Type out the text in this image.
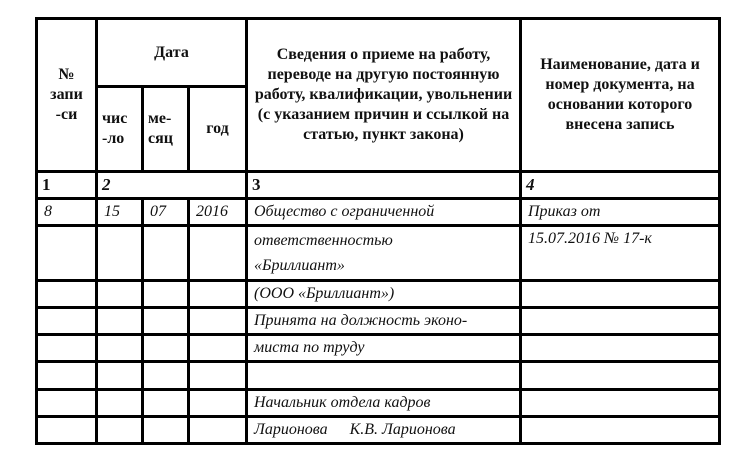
№ запи -си	Дата			Сведения о приеме на работу, переводе на другую постоянную работу, квалификации, увольнении (с указанием причин и ссылкой на статью, пункт закона)	Наименование, дата и номер документа, на основании которого внесена запись
	чис -ло	ме- сяц	год		
1	2			3	4
8	15	07	2016	Общество с ограниченной	Приказ от

				ответственностью «Бриллиант»	15.07.2016 № 17-к
				(ООО «Бриллиант»)	
				Принята на должность эконо-	
				миста по труду	

				Начальник отдела кадров	
				Ларионова К.В. Ларионова	
